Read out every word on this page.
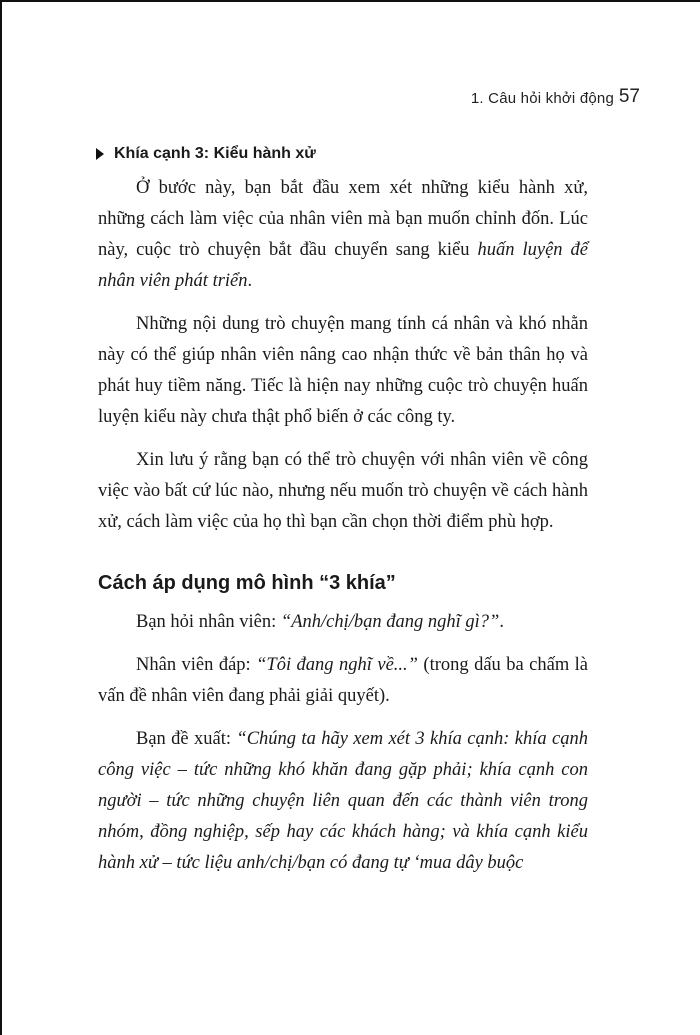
1. Câu hỏi khởi động 57
Khía cạnh 3: Kiểu hành xử

Ở bước này, bạn bắt đầu xem xét những kiểu hành xử, những cách làm việc của nhân viên mà bạn muốn chỉnh đốn. Lúc này, cuộc trò chuyện bắt đầu chuyển sang kiểu huấn luyện để nhân viên phát triển.

Những nội dung trò chuyện mang tính cá nhân và khó nhằn này có thể giúp nhân viên nâng cao nhận thức về bản thân họ và phát huy tiềm năng. Tiếc là hiện nay những cuộc trò chuyện huấn luyện kiểu này chưa thật phổ biến ở các công ty.

Xin lưu ý rằng bạn có thể trò chuyện với nhân viên về công việc vào bất cứ lúc nào, nhưng nếu muốn trò chuyện về cách hành xử, cách làm việc của họ thì bạn cần chọn thời điểm phù hợp.

Cách áp dụng mô hình “3 khía”

Bạn hỏi nhân viên: “Anh/chị/bạn đang nghĩ gì?”.

Nhân viên đáp: “Tôi đang nghĩ về...” (trong dấu ba chấm là vấn đề nhân viên đang phải giải quyết).

Bạn đề xuất: “Chúng ta hãy xem xét 3 khía cạnh: khía cạnh công việc – tức những khó khăn đang gặp phải; khía cạnh con người – tức những chuyện liên quan đến các thành viên trong nhóm, đồng nghiệp, sếp hay các khách hàng; và khía cạnh kiểu hành xử – tức liệu anh/chị/bạn có đang tự ‘mua dây buộc
